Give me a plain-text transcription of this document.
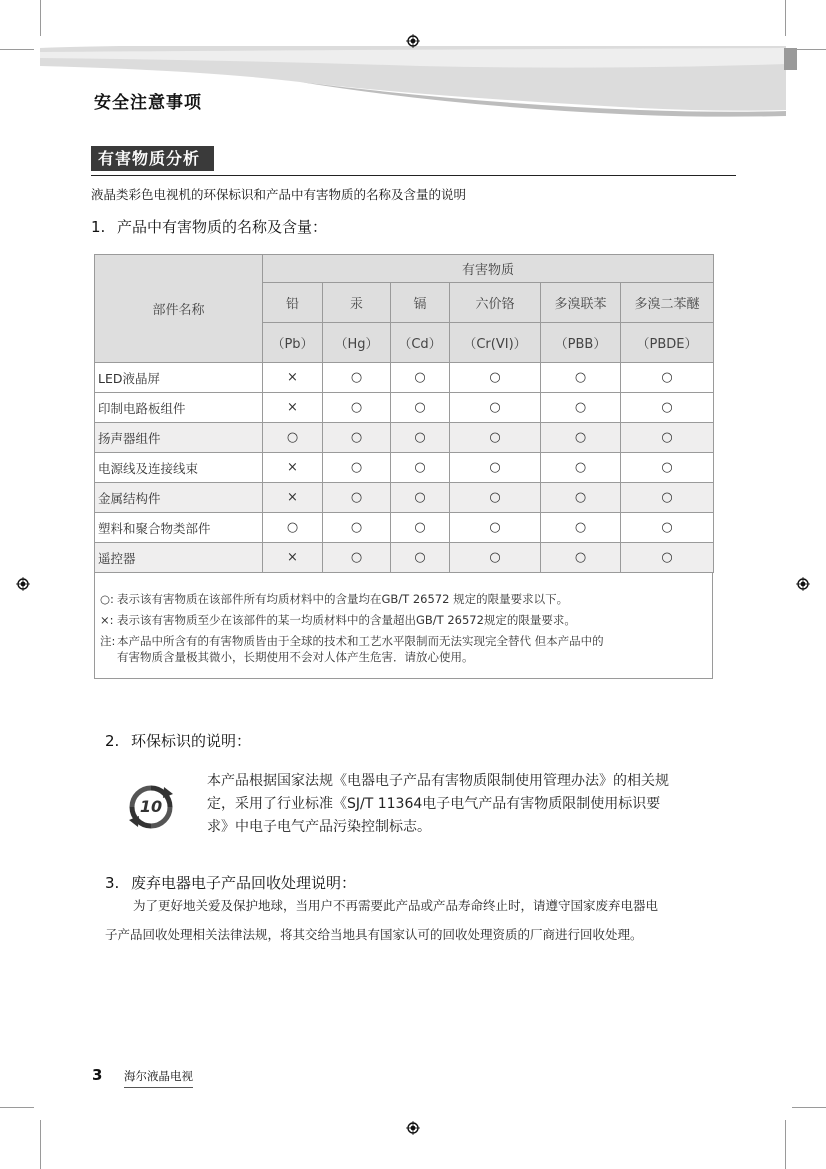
安全注意事项
有害物质分析
液晶类彩色电视机的环保标识和产品中有害物质的名称及含量的说明
1. 产品中有害物质的名称及含量：
部件名称	有害物质					
	铅	汞	镉	六价铬	多溴联苯	多溴二苯醚
	（Pb）	（Hg）	（Cd）	（Cr(VI)）	（PBB）	（PBDE）
LED液晶屏	×	○	○	○	○	○
印制电路板组件	×	○	○	○	○	○
扬声器组件	○	○	○	○	○	○
电源线及连接线束	×	○	○	○	○	○
金属结构件	×	○	○	○	○	○
塑料和聚合物类部件	○	○	○	○	○	○
遥控器	×	○	○	○	○	○
○: 表示该有害物质在该部件所有均质材料中的含量均在GB/T 26572 规定的限量要求以下。
×: 表示该有害物质至少在该部件的某一均质材料中的含量超出GB/T 26572规定的限量要求。
注: 本产品中所含有的有害物质皆由于全球的技术和工艺水平限制而无法实现完全替代 但本产品中的
有害物质含量极其微小，长期使用不会对人体产生危害．请放心使用。
2. 环保标识的说明：
10
本产品根据国家法规《电器电子产品有害物质限制使用管理办法》的相关规
定，采用了行业标准《SJ/T 11364电子电气产品有害物质限制使用标识要
求》中电子电气产品污染控制标志。
3. 废弃电器电子产品回收处理说明：
为了更好地关爱及保护地球，当用户不再需要此产品或产品寿命终止时，请遵守国家废弃电器电
子产品回收处理相关法律法规，将其交给当地具有国家认可的回收处理资质的厂商进行回收处理。
3 海尔液晶电视
